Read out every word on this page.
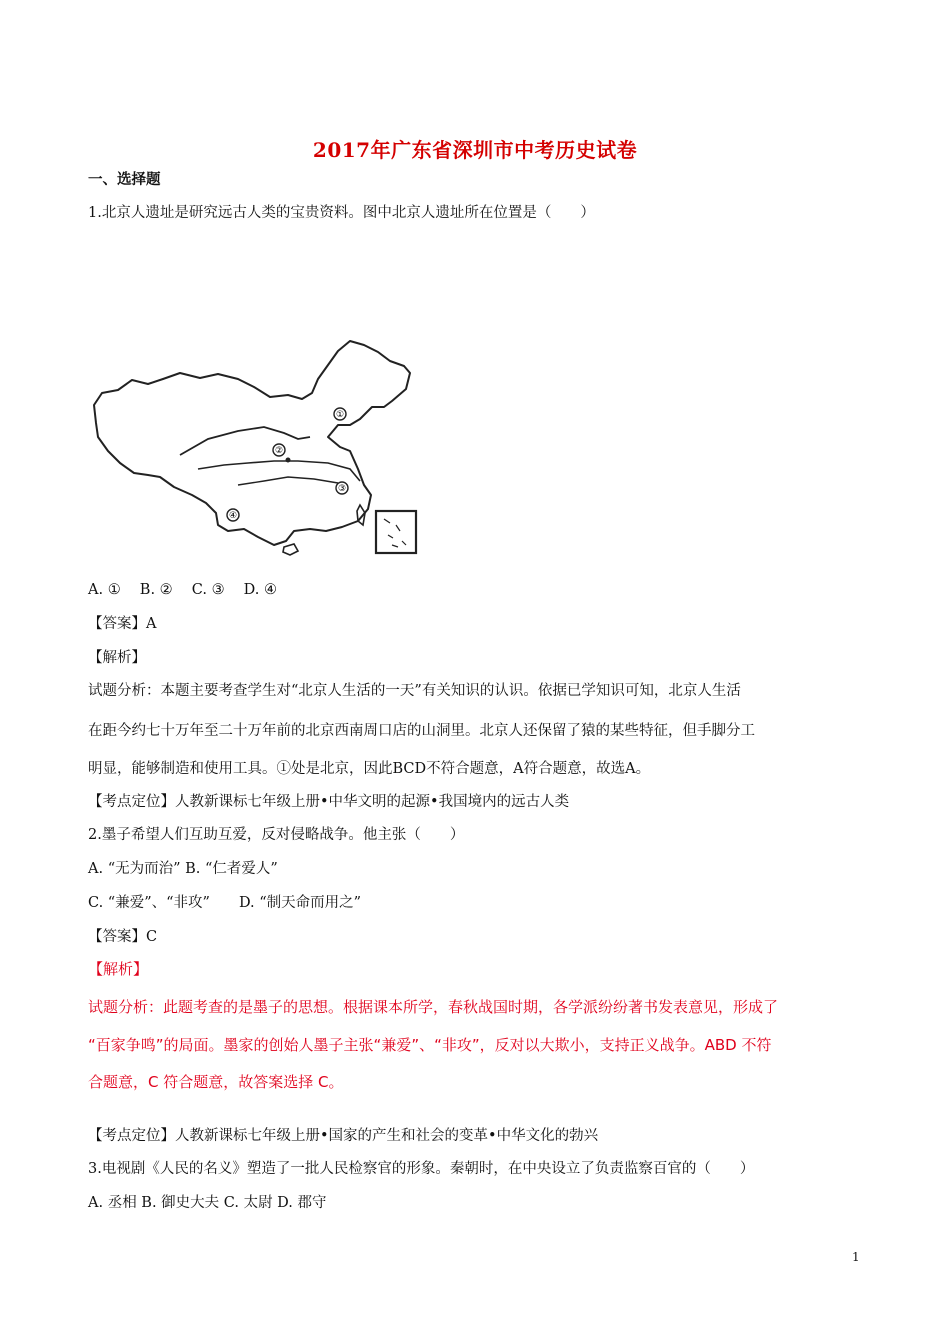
2017年广东省深圳市中考历史试卷
一、选择题
1.北京人遗址是研究远古人类的宝贵资料。图中北京人遗址所在位置是（　　）
①
②
③
④
A. ①　 B. ②　 C. ③　 D. ④
【答案】A
【解析】
试题分析：本题主要考查学生对“北京人生活的一天”有关知识的认识。依据已学知识可知，北京人生活
在距今约七十万年至二十万年前的北京西南周口店的山洞里。北京人还保留了猿的某些特征，但手脚分工
明显，能够制造和使用工具。①处是北京，因此BCD不符合题意，A符合题意，故选A。
【考点定位】人教新课标七年级上册•中华文明的起源•我国境内的远古人类
2.墨子希望人们互助互爱，反对侵略战争。他主张（　　）
A. “无为而治” B. “仁者爱人”
C. “兼爱”、“非攻”　　D. “制天命而用之”
【答案】C
【解析】
试题分析：此题考查的是墨子的思想。根据课本所学，春秋战国时期，各学派纷纷著书发表意见，形成了
“百家争鸣”的局面。墨家的创始人墨子主张“兼爱”、“非攻”，反对以大欺小，支持正义战争。ABD 不符
合题意，C 符合题意，故答案选择 C。
【考点定位】人教新课标七年级上册•国家的产生和社会的变革•中华文化的勃兴
3.电视剧《人民的名义》塑造了一批人民检察官的形象。秦朝时，在中央设立了负责监察百官的（　　）
A. 丞相 B. 御史大夫 C. 太尉 D. 郡守
1
